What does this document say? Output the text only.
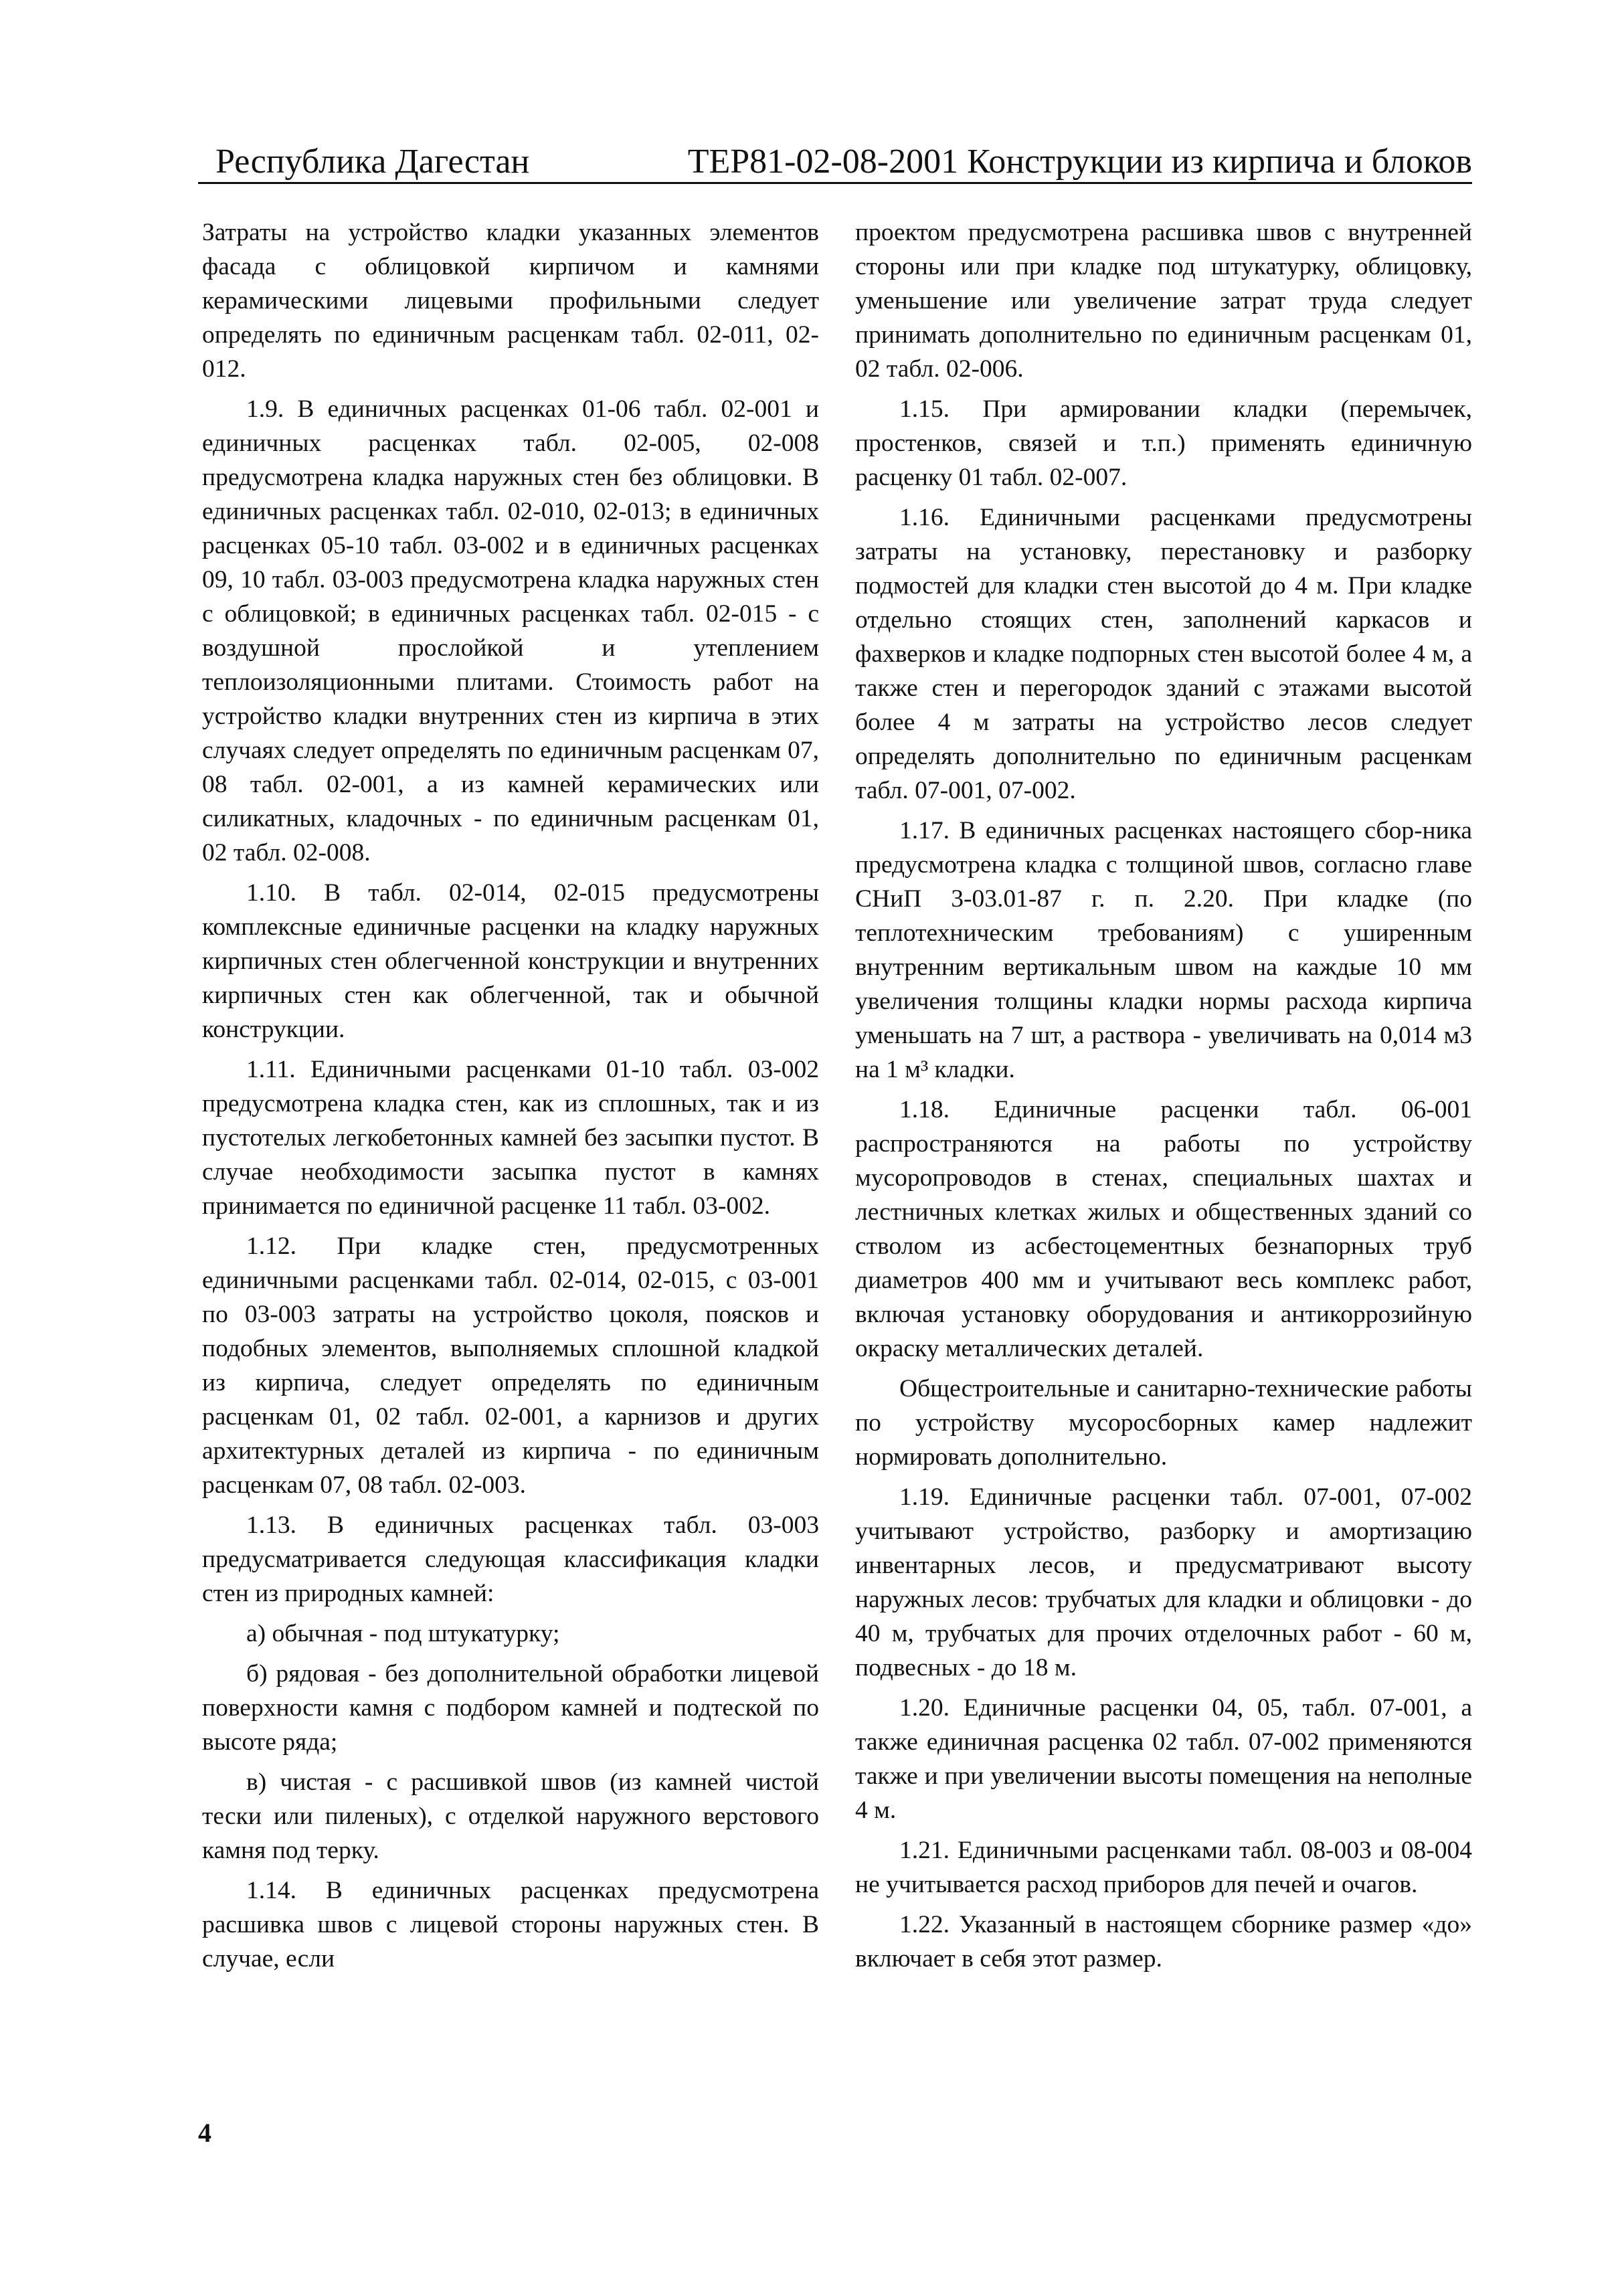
Республика Дагестан	ТЕР81-02-08-2001 Конструкции из кирпича и блоков

Затраты на устройство кладки указанных элементов фасада с облицовкой кирпичом и камнями керамическими лицевыми профильными следует определять по единичным расценкам табл. 02-011, 02-012.

1.9. В единичных расценках 01-06 табл. 02-001 и единичных расценках табл. 02-005, 02-008 предусмотрена кладка наружных стен без облицовки. В единичных расценках табл. 02-010, 02-013; в единичных расценках 05-10 табл. 03-002 и в единичных расценках 09, 10 табл. 03-003 предусмотрена кладка наружных стен с облицовкой; в единичных расценках табл. 02-015 - с воздушной прослойкой и утеплением теплоизоляционными плитами. Стоимость работ на устройство кладки внутренних стен из кирпича в этих случаях следует определять по единичным расценкам 07, 08 табл. 02-001, а из камней керамических или силикатных, кладочных - по единичным расценкам 01, 02 табл. 02-008.

1.10. В табл. 02-014, 02-015 предусмотрены комплексные единичные расценки на кладку наружных кирпичных стен облегченной конструкции и внутренних кирпичных стен как облегченной, так и обычной конструкции.

1.11. Единичными расценками 01-10 табл. 03-002 предусмотрена кладка стен, как из сплошных, так и из пустотелых легкобетонных камней без засыпки пустот. В случае необходимости засыпка пустот в камнях принимается по единичной расценке 11 табл. 03-002.

1.12. При кладке стен, предусмотренных единичными расценками табл. 02-014, 02-015, с 03-001 по 03-003 затраты на устройство цоколя, поясков и подобных элементов, выполняемых сплошной кладкой из кирпича, следует определять по единичным расценкам 01, 02 табл. 02-001, а карнизов и других архитектурных деталей из кирпича - по единичным расценкам 07, 08 табл. 02-003.

1.13. В единичных расценках табл. 03-003 предусматривается следующая классификация кладки стен из природных камней:

а) обычная - под штукатурку;

б) рядовая - без дополнительной обработки лицевой поверхности камня с подбором камней и подтеской по высоте ряда;

в) чистая - с расшивкой швов (из камней чистой тески или пиленых), с отделкой наружного верстового камня под терку.

1.14. В единичных расценках предусмотрена расшивка швов с лицевой стороны наружных стен. В случае, если

проектом предусмотрена расшивка швов с внутренней стороны или при кладке под штукатурку, облицовку, уменьшение или увеличение затрат труда следует принимать дополнительно по единичным расценкам 01, 02 табл. 02-006.

1.15. При армировании кладки (перемычек, простенков, связей и т.п.) применять единичную расценку 01 табл. 02-007.

1.16. Единичными расценками предусмотрены затраты на установку, перестановку и разборку подмостей для кладки стен высотой до 4 м. При кладке отдельно стоящих стен, заполнений каркасов и фахверков и кладке подпорных стен высотой более 4 м, а также стен и перегородок зданий с этажами высотой более 4 м затраты на устройство лесов следует определять дополнительно по единичным расценкам табл. 07-001, 07-002.

1.17. В единичных расценках настоящего сбор-ника предусмотрена кладка с толщиной швов, согласно главе СНиП 3-03.01-87 г. п. 2.20. При кладке (по теплотехническим требованиям) с уширенным внутренним вертикальным швом на каждые 10 мм увеличения толщины кладки нормы расхода кирпича уменьшать на 7 шт, а раствора - увеличивать на 0,014 м3 на 1 м³ кладки.

1.18. Единичные расценки табл. 06-001 распространяются на работы по устройству мусоропроводов в стенах, специальных шахтах и лестничных клетках жилых и общественных зданий со стволом из асбестоцементных безнапорных труб диаметров 400 мм и учитывают весь комплекс работ, включая установку оборудования и антикоррозийную окраску металлических деталей.

Общестроительные и санитарно-технические работы по устройству мусоросборных камер надлежит нормировать дополнительно.

1.19. Единичные расценки табл. 07-001, 07-002 учитывают устройство, разборку и амортизацию инвентарных лесов, и предусматривают высоту наружных лесов: трубчатых для кладки и облицовки - до 40 м, трубчатых для прочих отделочных работ - 60 м, подвесных - до 18 м.

1.20. Единичные расценки 04, 05, табл. 07-001, а также единичная расценка 02 табл. 07-002 применяются также и при увеличении высоты помещения на неполные 4 м.

1.21. Единичными расценками табл. 08-003 и 08-004 не учитывается расход приборов для печей и очагов.

1.22. Указанный в настоящем сборнике размер «до» включает в себя этот размер.

4
